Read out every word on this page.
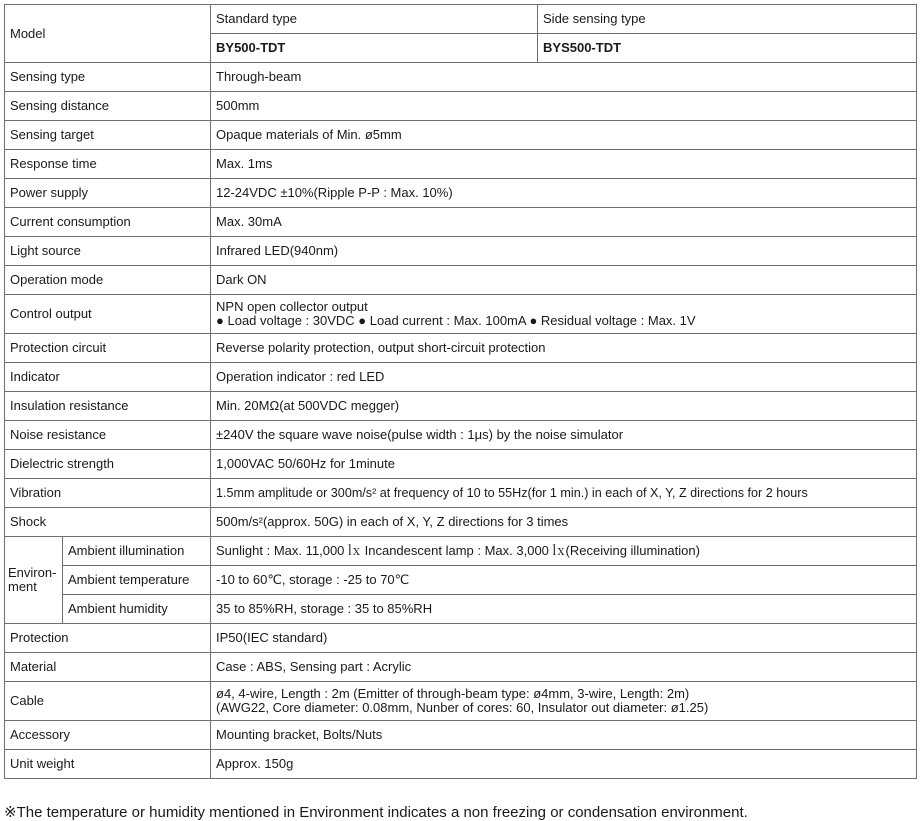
Model		Standard type	Side sensing type
		BY500-TDT	BYS500-TDT
Sensing type		Through-beam	
Sensing distance		500mm	
Sensing target		Opaque materials of Min. ø5mm	
Response time		Max. 1ms	
Power supply		12-24VDC ±10%(Ripple P-P : Max. 10%)	
Current consumption		Max. 30mA	
Light source		Infrared LED(940nm)	
Operation mode		Dark ON	
Control output		NPN open collector output
● Load voltage : 30VDC ● Load current : Max. 100mA ● Residual voltage : Max. 1V	

Protection circuit		Reverse polarity protection, output short-circuit protection	
Indicator		Operation indicator : red LED	
Insulation resistance		Min. 20MΩ(at 500VDC megger)	
Noise resistance		±240V the square wave noise(pulse width : 1μs) by the noise simulator	
Dielectric strength		1,000VAC 50/60Hz for 1minute	
Vibration		1.5mm amplitude or 300m/s² at frequency of 10 to 55Hz(for 1 min.) in each of X, Y, Z directions for 2 hours	
Shock		500m/s²(approx. 50G) in each of X, Y, Z directions for 3 times	
Environ-
ment	Ambient illumination	Sunlight : Max. 11,000 ㏓ Incandescent lamp : Max. 3,000 ㏓(Receiving illumination)	
	Ambient temperature	-10 to 60℃, storage : -25 to 70℃	
	Ambient humidity	35 to 85%RH, storage : 35 to 85%RH	
Protection		IP50(IEC standard)	
Material		Case : ABS, Sensing part : Acrylic	
Cable		ø4, 4-wire, Length : 2m (Emitter of through-beam type: ø4mm, 3-wire, Length: 2m)
(AWG22, Core diameter: 0.08mm, Nunber of cores: 60, Insulator out diameter: ø1.25)	

Accessory		Mounting bracket, Bolts/Nuts	
Unit weight		Approx. 150g	
※The temperature or humidity mentioned in Environment indicates a non freezing or condensation environment.
